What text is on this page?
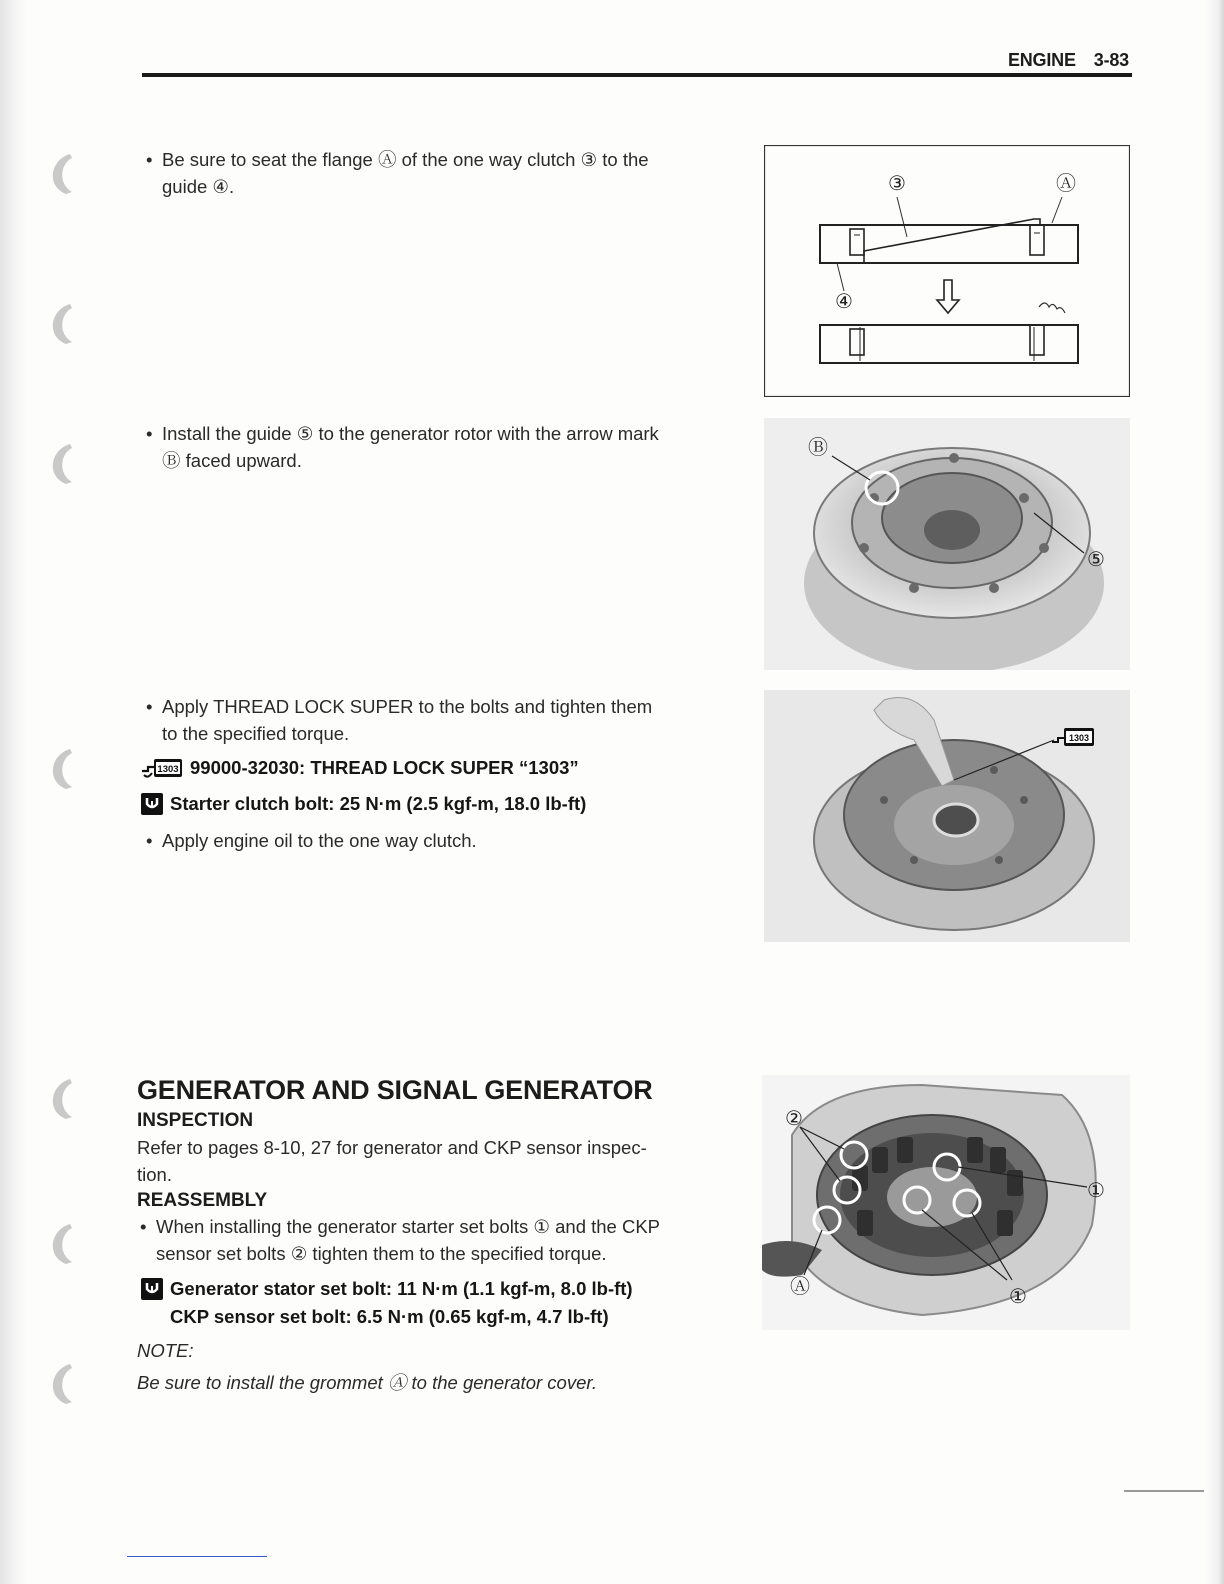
ENGINE 3-83
• Be sure to seat the flange Ⓐ of the one way clutch ③ to the
guide ④.	③	Ⓐ
④
• Install the guide ⑤ to the generator rotor with the arrow mark
Ⓑ faced upward.
Ⓑ
⑤
• Apply THREAD LOCK SUPER to the bolts and tighten them
to the specified torque.
1303 99000-32030: THREAD LOCK SUPER “1303”
Starter clutch bolt: 25 N·m (2.5 kgf-m, 18.0 lb-ft)
• Apply engine oil to the one way clutch.
1303
GENERATOR AND SIGNAL GENERATOR
INSPECTION
Refer to pages 8-10, 27 for generator and CKP sensor inspec-
tion.
REASSEMBLY
• When installing the generator starter set bolts ① and the CKP
sensor set bolts ② tighten them to the specified torque.
Generator stator set bolt: 11 N·m (1.1 kgf-m, 8.0 lb-ft)
CKP sensor set bolt: 6.5 N·m (0.65 kgf-m, 4.7 lb-ft)
NOTE:
Be sure to install the grommet Ⓐ to the generator cover.
②
①
①
Ⓐ
